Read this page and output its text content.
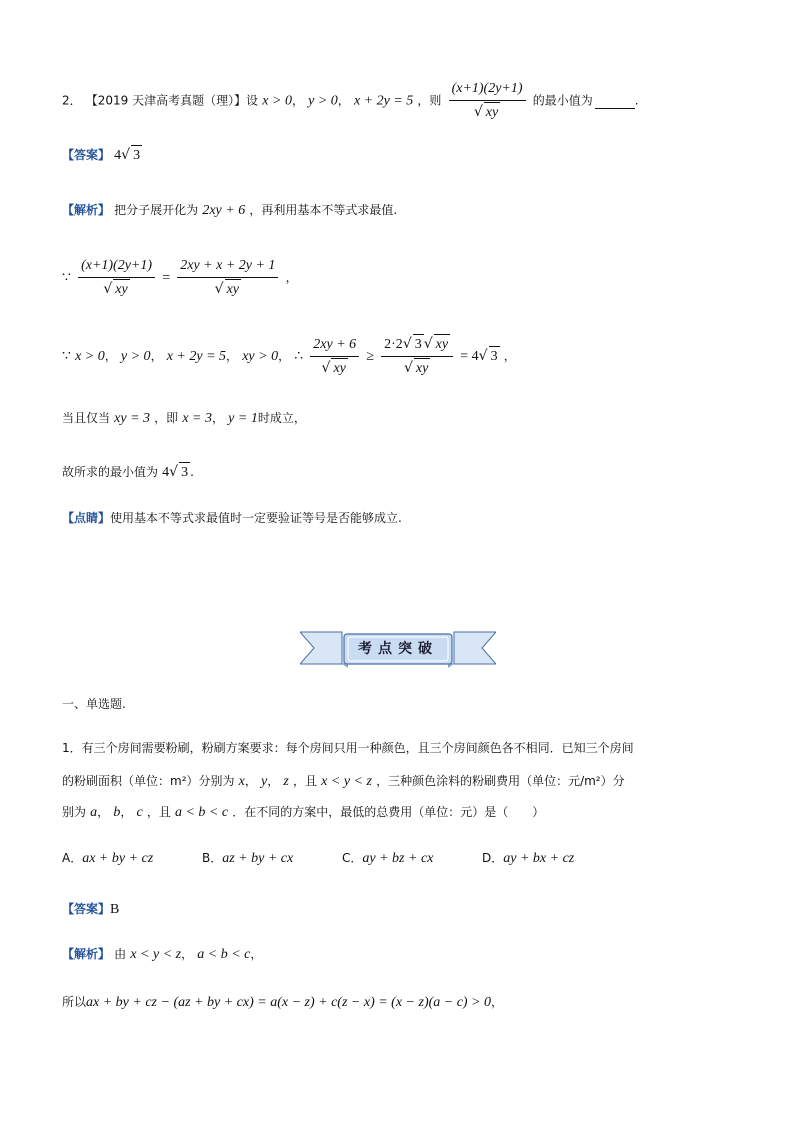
2． 【2019 天津高考真题（理）】设 x > 0， y > 0， x + 2y = 5 ，则 $\frac{(x+1)(2y+1)}{√ xy}$ 的最小值为	.
【答案】 4√ 3
【解析】 把分子展开化为 2xy + 6 ，再利用基本不等式求最值.
∵ $\frac{(x+1)(2y+1)}{√ xy} = \frac{2xy + x + 2y + 1}{√ xy}$ ，
∵ x > 0， y > 0， x + 2y = 5， xy > 0， ∴ $\frac{2xy + 6}{√ xy} \ge \frac{2\cdot 2√ 3 √ xy}{√ xy} = 4√$ 3 ，
当且仅当 xy = 3 ，即 x = 3， y = 1时成立，
故所求的最小值为 4√ 3 .
【点睛】使用基本不等式求最值时一定要验证等号是否能够成立.
考点突破
一、单选题.
1．有三个房间需要粉刷，粉刷方案要求：每个房间只用一种颜色，且三个房间颜色各不相同．已知三个房间
的粉刷面积（单位：m²）分别为 x， y， z ，且 x < y < z ，三种颜色涂料的粉刷费用（单位：元/m²）分
别为 a， b， c ，且 a < b < c ．在不同的方案中，最低的总费用（单位：元）是（　　）
A．ax + by + cz	B．az + by + cx	C．ay + bz + cx	D．ay + bx + cz
【答案】B
【解析】 由 x < y < z， a < b < c，
所以ax + by + cz − (az + by + cx) = a(x − z) + c(z − x) = (x − z)(a − c) > 0，
